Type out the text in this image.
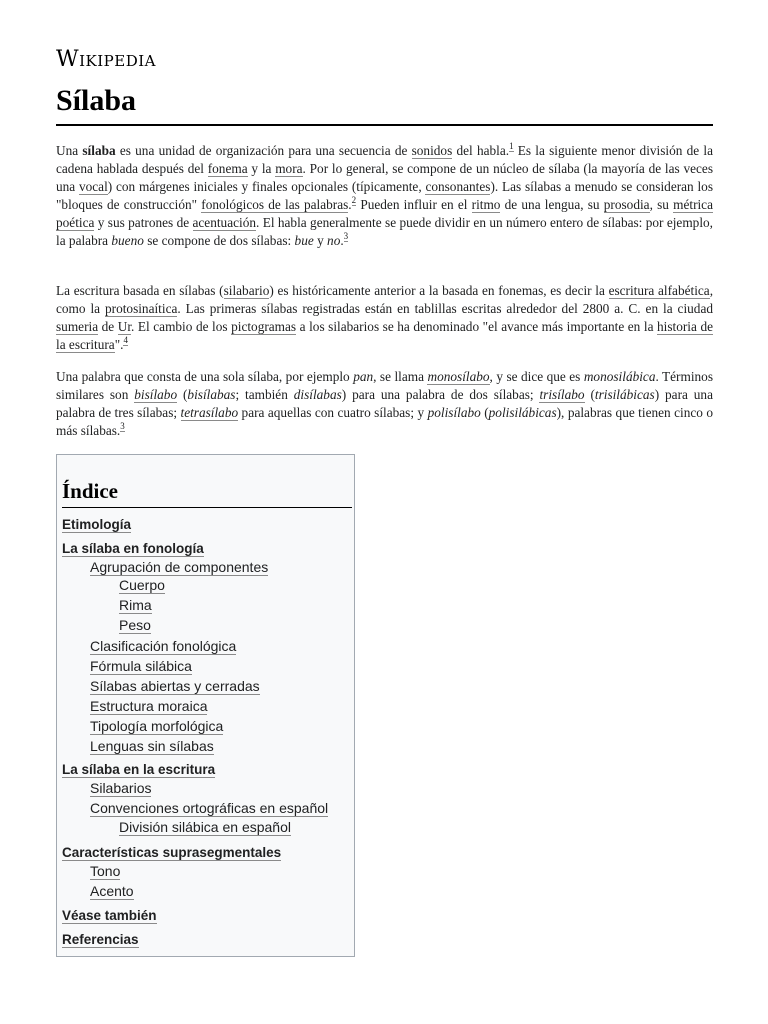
Wikipedia
Sílaba

Una sílaba es una unidad de organización para una secuencia de sonidos del habla.$^1$ Es la siguiente menor división de la cadena hablada después del fonema y la mora. Por lo general, se compone de un núcleo de sílaba (la mayoría de las veces una vocal) con márgenes iniciales y finales opcionales (típicamente, consonantes). Las sílabas a menudo se consideran los "bloques de construcción" fonológicos de las palabras.$^2$ Pueden influir en el ritmo de una lengua, su prosodia, su métrica poética y sus patrones de acentuación. El habla generalmente se puede dividir en un número entero de sílabas: por ejemplo, la palabra bueno se compone de dos sílabas: bue y no.$^3$

La escritura basada en sílabas (silabario) es históricamente anterior a la basada en fonemas, es decir la escritura alfabética, como la protosinaítica. Las primeras sílabas registradas están en tablillas escritas alrededor del 2800 a. C. en la ciudad sumeria de Ur. El cambio de los pictogramas a los silabarios se ha denominado "el avance más importante en la historia de la escritura".$^4$

Una palabra que consta de una sola sílaba, por ejemplo pan, se llama monosílabo, y se dice que es monosilábica. Términos similares son bisílabo (bisílabas; también disílabas) para una palabra de dos sílabas; trisílabo (trisilábicas) para una palabra de tres sílabas; tetrasílabo para aquellas con cuatro sílabas; y polisílabo (polisilábicas), palabras que tienen cinco o más sílabas.$^3$

Índice
Etimología
La sílaba en fonología
Agrupación de componentes
Cuerpo
Rima
Peso
Clasificación fonológica
Fórmula silábica
Sílabas abiertas y cerradas
Estructura moraica
Tipología morfológica
Lenguas sin sílabas
La sílaba en la escritura
Silabarios
Convenciones ortográficas en español
División silábica en español
Características suprasegmentales
Tono
Acento
Véase también
Referencias
